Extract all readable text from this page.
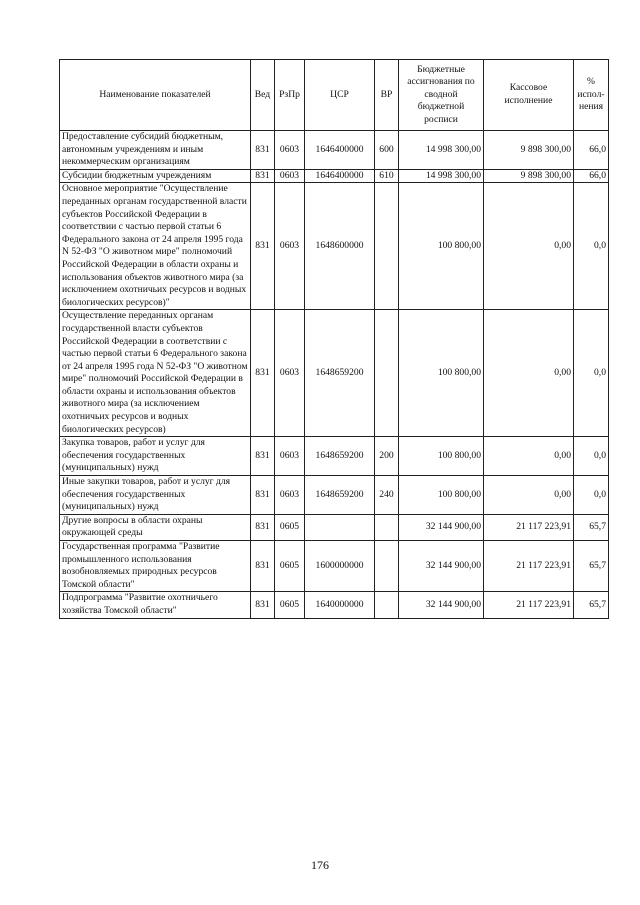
Наименование показателей	Вед	РзПр	ЦСР	ВР	Бюджетные ассигнования по сводной бюджетной росписи	Кассовое исполнение	% испол-нения
Предоставление субсидий бюджетным, автономным учреждениям и иным некоммерческим организациям	831	0603	1646400000	600	14 998 300,00	9 898 300,00	66,0
Субсидии бюджетным учреждениям	831	0603	1646400000	610	14 998 300,00	9 898 300,00	66,0
Основное мероприятие "Осуществление переданных органам государственной власти субъектов Российской Федерации в соответствии с частью первой статьи 6 Федерального закона от 24 апреля 1995 года N 52-ФЗ "О животном мире" полномочий Российской Федерации в области охраны и использования объектов животного мира (за исключением охотничьих ресурсов и водных биологических ресурсов)"	831	0603	1648600000		100 800,00	0,00	0,0
Осуществление переданных органам государственной власти субъектов Российской Федерации в соответствии с частью первой статьи 6 Федерального закона от 24 апреля 1995 года N 52-ФЗ "О животном мире" полномочий Российской Федерации в области охраны и использования объектов животного мира (за исключением охотничьих ресурсов и водных биологических ресурсов)	831	0603	1648659200		100 800,00	0,00	0,0
Закупка товаров, работ и услуг для обеспечения государственных (муниципальных) нужд	831	0603	1648659200	200	100 800,00	0,00	0,0
Иные закупки товаров, работ и услуг для обеспечения государственных (муниципальных) нужд	831	0603	1648659200	240	100 800,00	0,00	0,0
Другие вопросы в области охраны окружающей среды	831	0605			32 144 900,00	21 117 223,91	65,7
Государственная программа "Развитие промышленного использования возобновляемых природных ресурсов Томской области"	831	0605	1600000000		32 144 900,00	21 117 223,91	65,7
Подпрограмма "Развитие охотничьего хозяйства Томской области"	831	0605	1640000000		32 144 900,00	21 117 223,91	65,7
176
